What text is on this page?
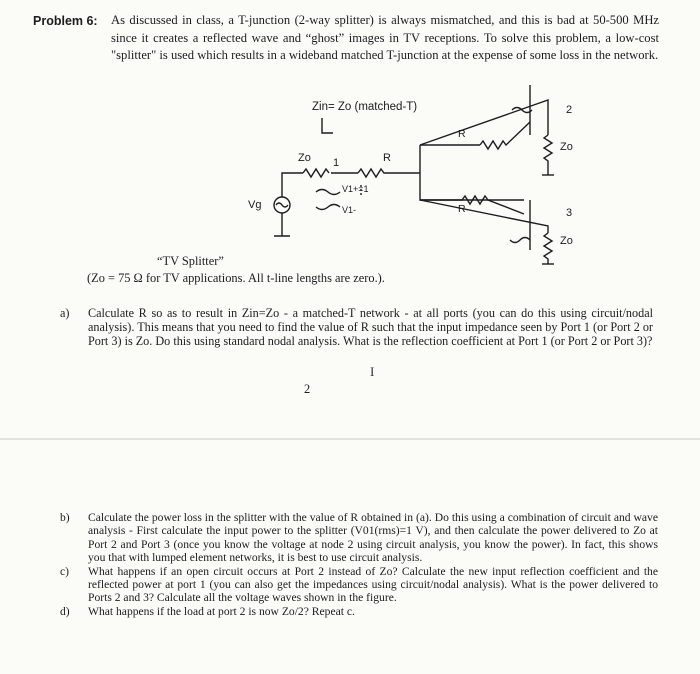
Problem 6: As discussed in class, a T-junction (2-way splitter) is always mismatched, and this is bad at 50-500 MHz since it creates a reflected wave and “ghost” images in TV receptions. To solve this problem, a low-cost "splitter" is used which results in a wideband matched T-junction at the expense of some loss in the network.
Zin= Zo (matched-T)
Zo 1	R
R
R
Vg
V1+=1
V1-
2
3
Zo
Zo
“TV Splitter”
(Zo = 75 Ω for TV applications. All t-line lengths are zero.).
a)	Calculate R so as to result in Zin=Zo - a matched-T network - at all ports (you can do this using circuit/nodal analysis). This means that you need to find the value of R such that the input impedance seen by Port 1 (or Port 2 or Port 3) is Zo. Do this using standard nodal analysis. What is the reflection coefficient at Port 1 (or Port 2 or Port 3)?
I
2
b)	Calculate the power loss in the splitter with the value of R obtained in (a). Do this using a combination of circuit and wave analysis - First calculate the input power to the splitter (V01(rms)=1 V), and then calculate the power delivered to Zo at Port 2 and Port 3 (once you know the voltage at node 2 using circuit analysis, you know the power). In fact, this shows you that with lumped element networks, it is best to use circuit analysis.
c)	What happens if an open circuit occurs at Port 2 instead of Zo? Calculate the new input reflection coefficient and the reflected power at port 1 (you can also get the impedances using circuit/nodal analysis). What is the power delivered to Ports 2 and 3? Calculate all the voltage waves shown in the figure.
d)	What happens if the load at port 2 is now Zo/2? Repeat c.
